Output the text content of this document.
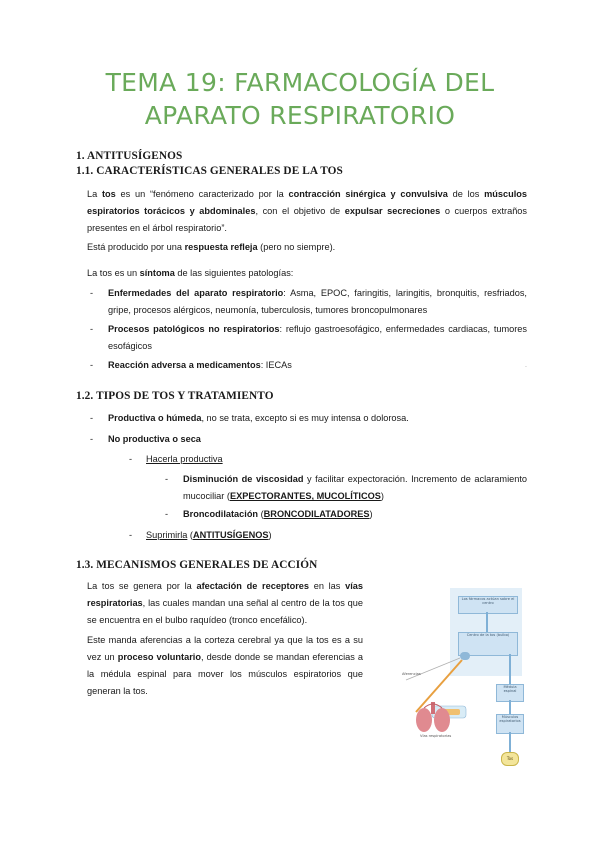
TEMA 19: FARMACOLOGÍA DEL
APARATO RESPIRATORIO
1. ANTITUSÍGENOS
1.1. CARACTERÍSTICAS GENERALES DE LA TOS
La tos es un “fenómeno caracterizado por la contracción sinérgica y convulsiva de los músculos espiratorios torácicos y abdominales, con el objetivo de expulsar secreciones o cuerpos extraños presentes en el árbol respiratorio”.
Está producido por una respuesta refleja (pero no siempre).
La tos es un síntoma de las siguientes patologías:
- Enfermedades del aparato respiratorio: Asma, EPOC, faringitis, laringitis, bronquitis, resfriados, gripe, procesos alérgicos, neumonía, tuberculosis, tumores broncopulmonares
- Procesos patológicos no respiratorios: reflujo gastroesofágico, enfermedades cardiacas, tumores esofágicos
- Reacción adversa a medicamentos: IECAs
1.2. TIPOS DE TOS Y TRATAMIENTO
.
- Productiva o húmeda, no se trata, excepto si es muy intensa o dolorosa.
- No productiva o seca
- Hacerla productiva
- Disminución de viscosidad y facilitar expectoración. Incremento de aclaramiento mucociliar (EXPECTORANTES, MUCOLÍTICOS)
- Broncodilatación (BRONCODILATADORES)
- Suprimirla (ANTITUSÍGENOS)
1.3. MECANISMOS GENERALES DE ACCIÓN
La tos se genera por la afectación de receptores en las vías respiratorias, las cuales mandan una señal al centro de la tos que se encuentra en el bulbo raquídeo (tronco encefálico).
Este manda aferencias a la corteza cerebral ya que la tos es a su vez un proceso voluntario, desde donde se mandan eferencias a la médula espinal para mover los músculos espiratorios que generan la tos.
Los fármacos actúan sobre el centro
Centro de la tos (bulbo)
Médula espinal
Músculos espiratorios
Tos
Aferencias
Vías respiratorias
